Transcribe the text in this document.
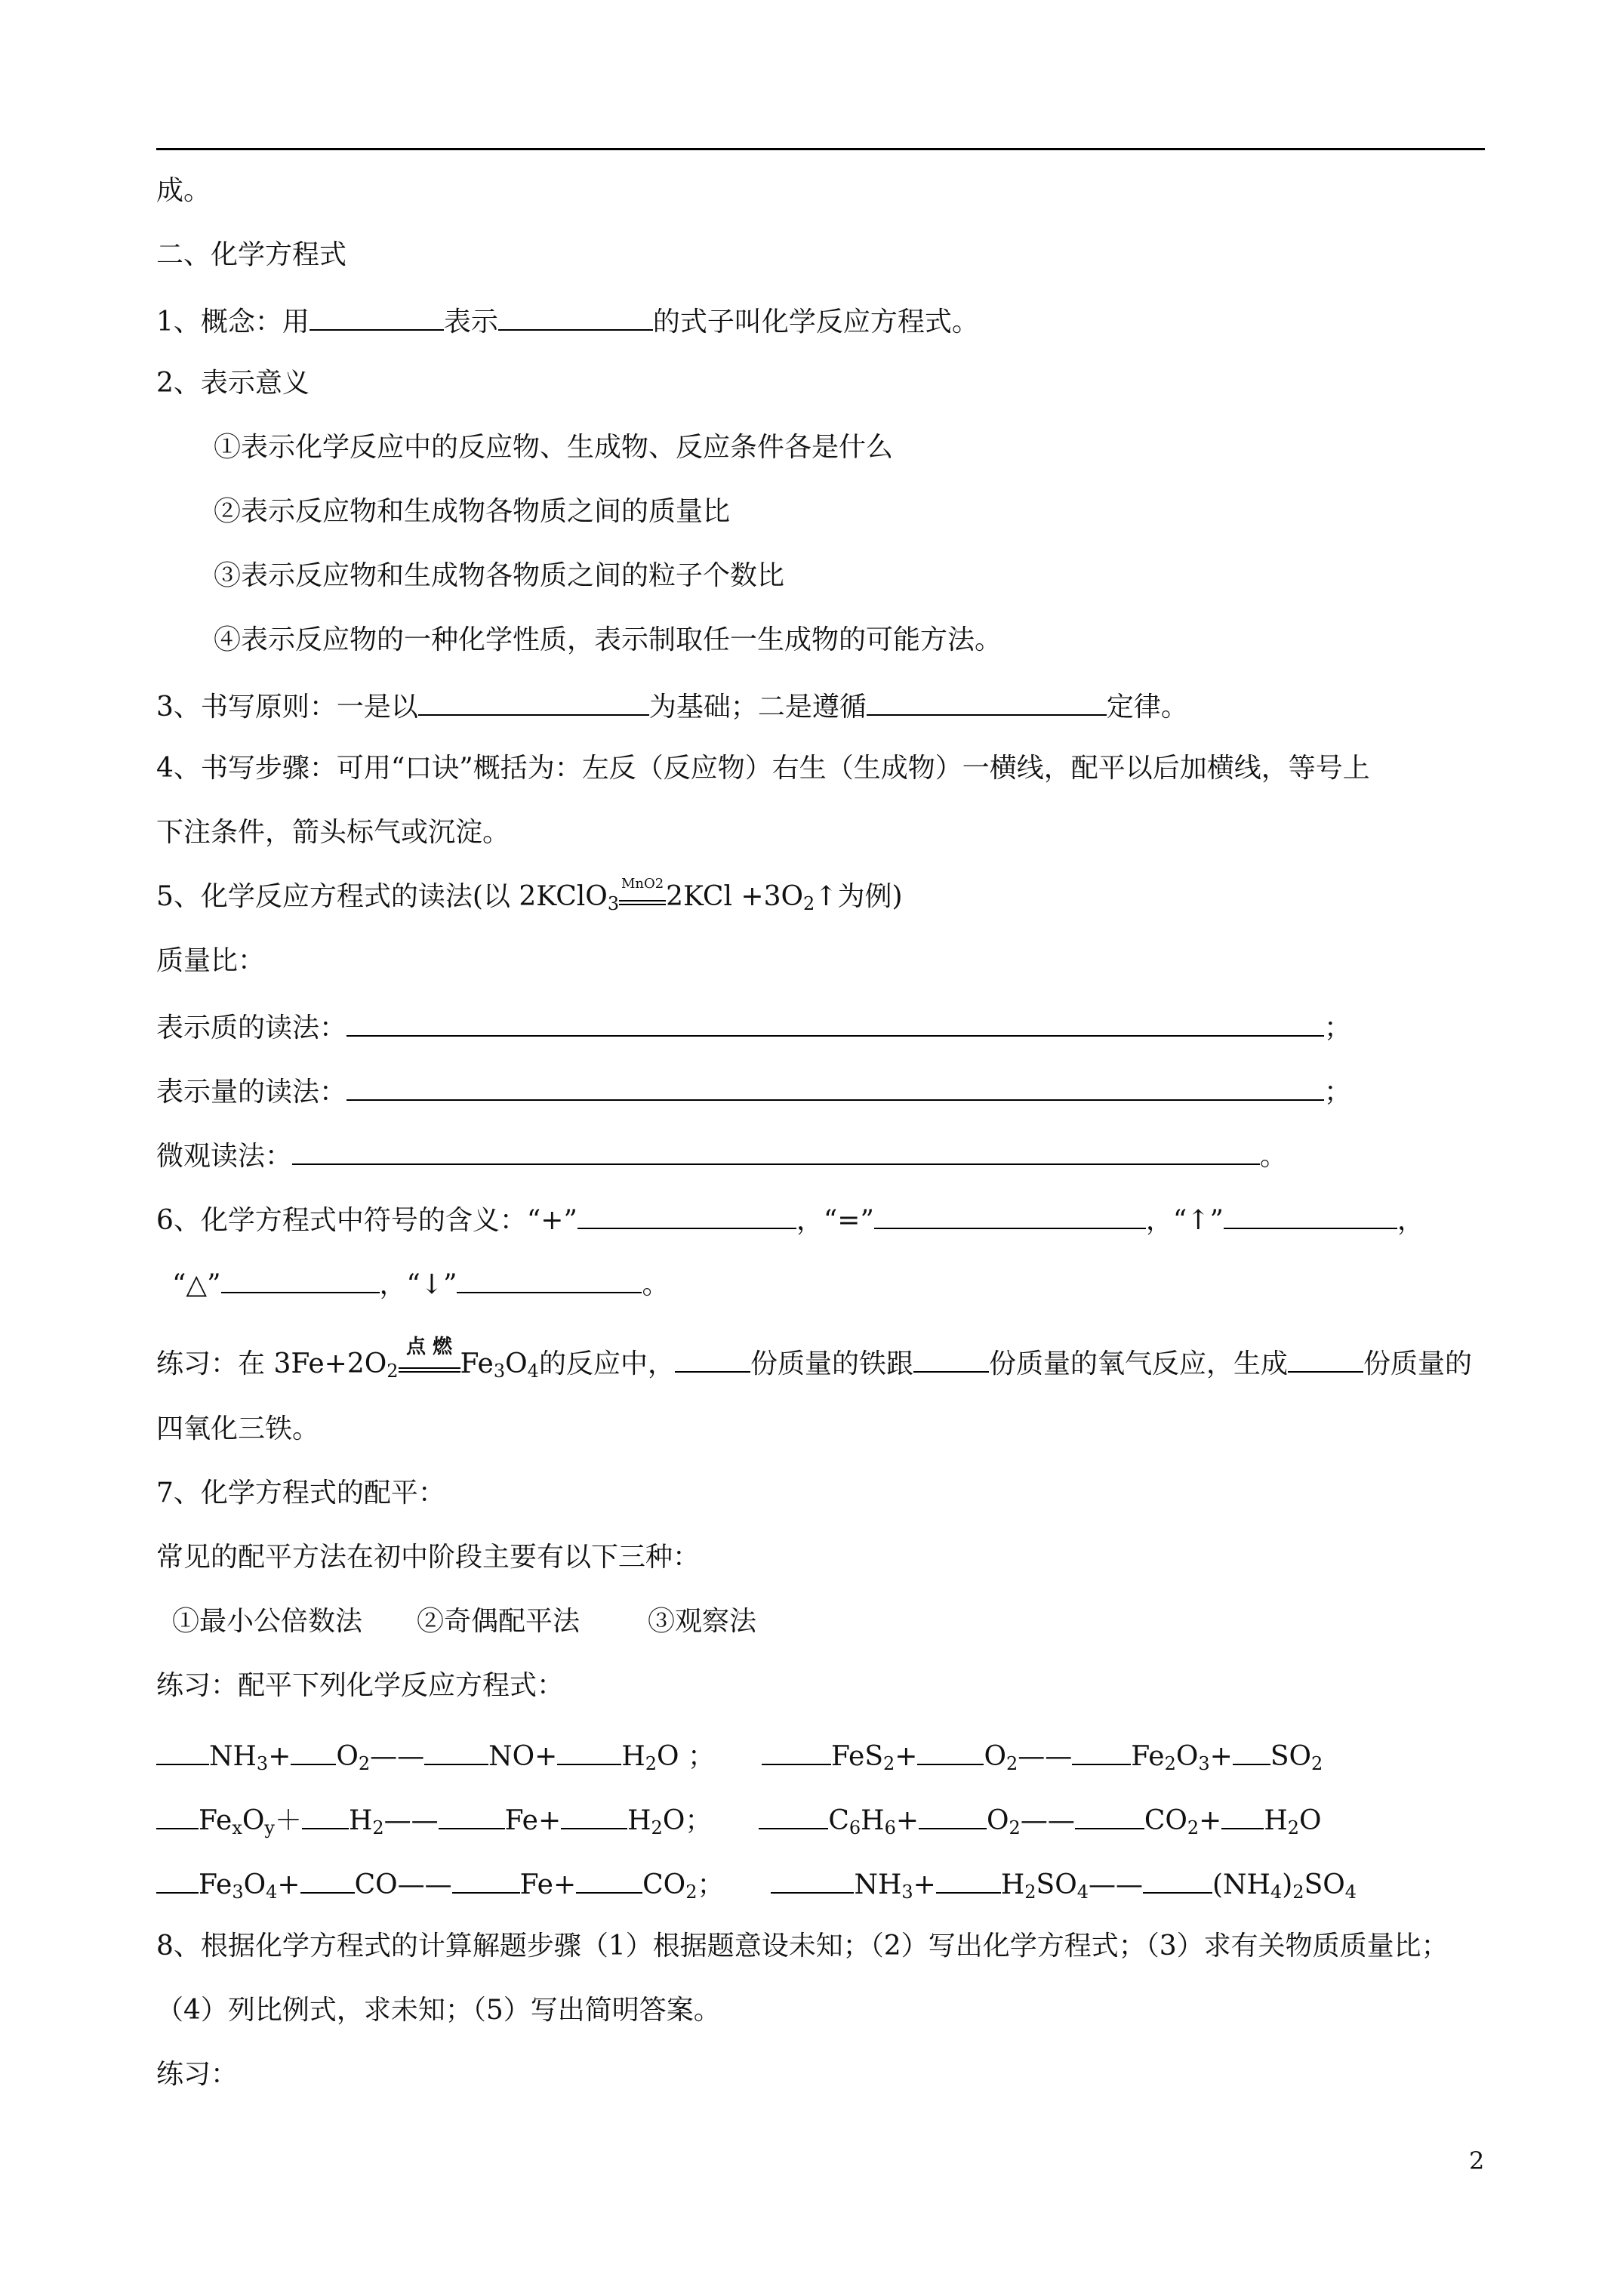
成。
二、化学方程式
1、概念：用	表示	的式子叫化学反应方程式。
2、表示意义
①表示化学反应中的反应物、生成物、反应条件各是什么
②表示反应物和生成物各物质之间的质量比
③表示反应物和生成物各物质之间的粒子个数比
④表示反应物的一种化学性质，表示制取任一生成物的可能方法。
3、书写原则：一是以	为基础；二是遵循	定律。
4、书写步骤：可用“口诀”概括为：左反（反应物）右生（生成物）一横线，配平以后加横线，等号上
下注条件，箭头标气或沉淀。
5、化学反应方程式的读法(以 2KClO$_3$
MnO2 $2KCl +3O_2↑$为例)
质量比：
表示质的读法：	；
表示量的读法：	；
微观读法：	。
6、化学方程式中符号的含义：“+”	，“=”	，“↑”	，
“△”	，“↓”	。
练习：在 $3Fe+2O_2$
点 燃
$Fe_3O_4$的反应中，	份质量的铁跟	份质量的氧气反应，生成	份质量的
四氧化三铁。
7、化学方程式的配平：
常见的配平方法在初中阶段主要有以下三种：
①最小公倍数法 ②奇偶配平法	③观察法
练习：配平下列化学反应方程式：
$NH_3+$ $O_2——$ $NO+ H_2O$ ；	$FeS_2+ O_2——Fe_2O_3+ SO_2$
$Fe_xO_y+H_2——$ $Fe+ H_2O$；	$C_6H_6+$	$O_2——$	$CO_2+ H_2O$
$Fe_3O_4+$ CO——	$Fe+ CO_2$；	$NH_3+$ $H_2SO_4——$	$(NH_4)_2SO_4$
8、根据化学方程式的计算解题步骤（1）根据题意设未知；（2）写出化学方程式；（3）求有关物质质量比；
（4）列比例式，求未知；（5）写出简明答案。
练习：
2
